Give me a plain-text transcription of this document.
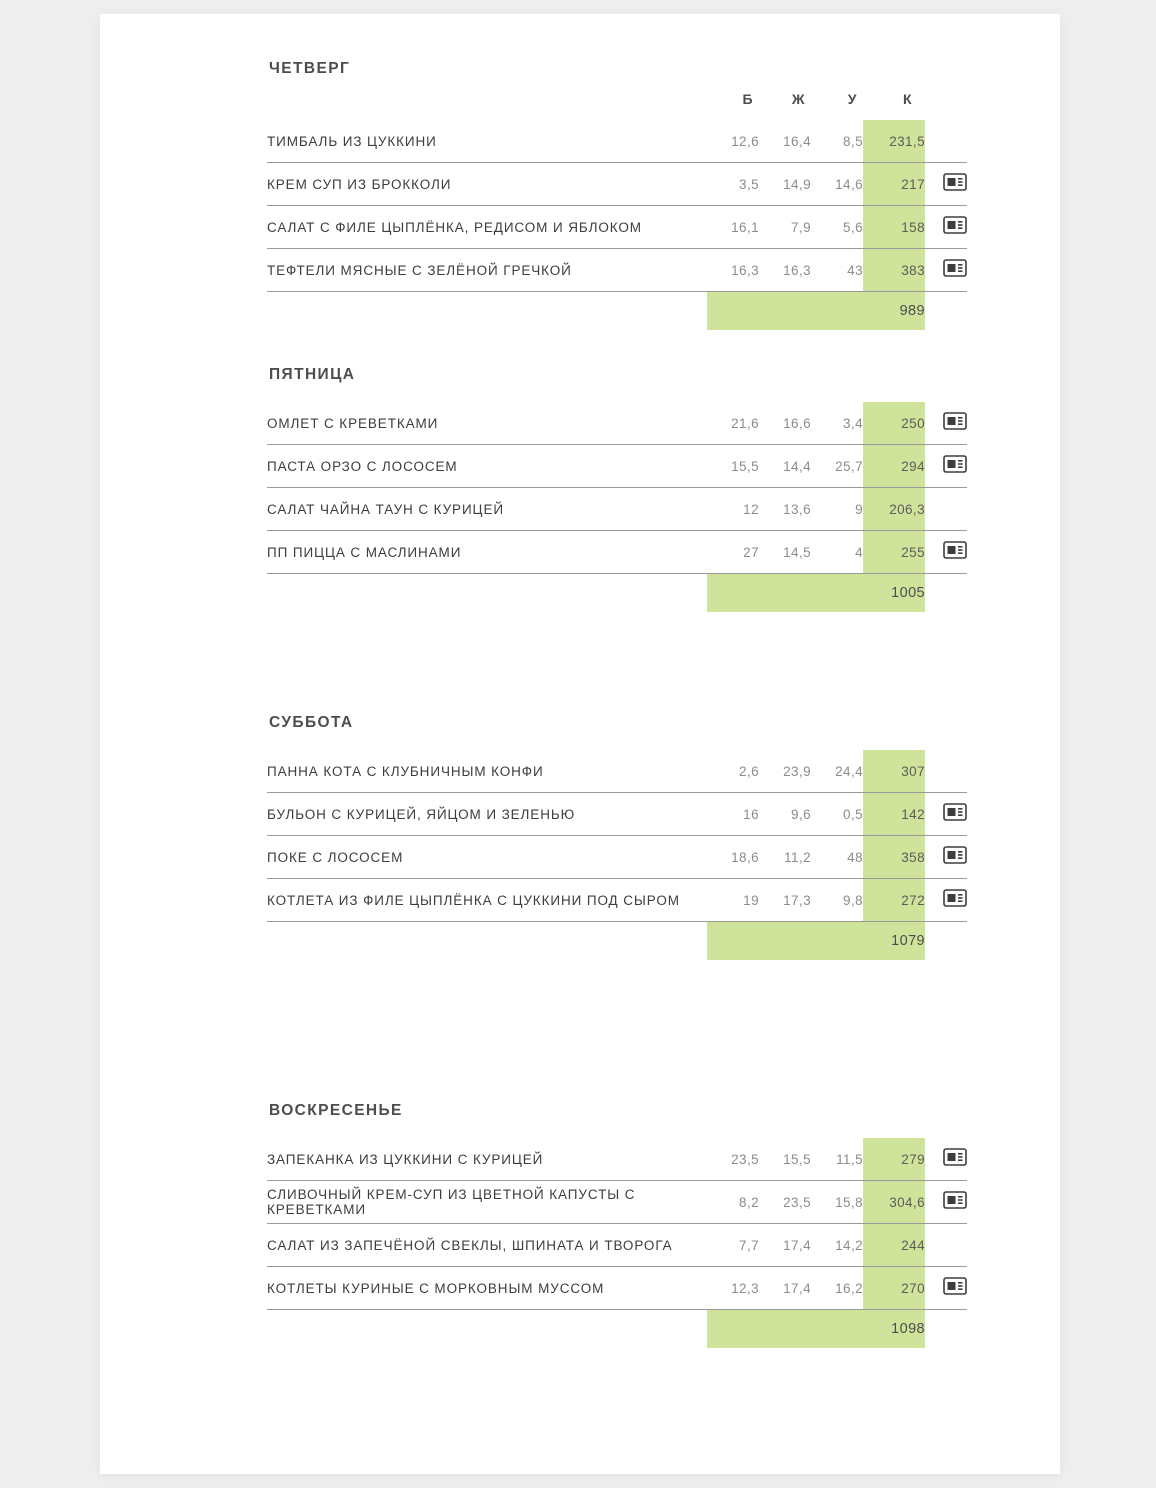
ЧЕТВЕРГ
	Б	Ж	У	К	
ТИМБАЛЬ ИЗ ЦУККИНИ	12,6	16,4	8,5	231,5	
КРЕМ СУП ИЗ БРОККОЛИ	3,5	14,9	14,6	217	
САЛАТ С ФИЛЕ ЦЫПЛЁНКА, РЕДИСОМ И ЯБЛОКОМ	16,1	7,9	5,6	158	
ТЕФТЕЛИ МЯСНЫЕ С ЗЕЛЁНОЙ ГРЕЧКОЙ	16,3	16,3	43	383	
				989	
ПЯТНИЦА

ОМЛЕТ С КРЕВЕТКАМИ	21,6	16,6	3,4	250	
ПАСТА ОРЗО С ЛОСОСЕМ	15,5	14,4	25,7	294	
САЛАТ ЧАЙНА ТАУН С КУРИЦЕЙ	12	13,6	9	206,3	
ПП ПИЦЦА С МАСЛИНАМИ	27	14,5	4	255	
				1005	
СУББОТА

ПАННА КОТА С КЛУБНИЧНЫМ КОНФИ	2,6	23,9	24,4	307	
БУЛЬОН С КУРИЦЕЙ, ЯЙЦОМ И ЗЕЛЕНЬЮ	16	9,6	0,5	142	
ПОКЕ С ЛОСОСЕМ	18,6	11,2	48	358	
КОТЛЕТА ИЗ ФИЛЕ ЦЫПЛЁНКА С ЦУККИНИ ПОД СЫРОМ	19	17,3	9,8	272	
				1079	
ВОСКРЕСЕНЬЕ

ЗАПЕКАНКА ИЗ ЦУККИНИ С КУРИЦЕЙ	23,5	15,5	11,5	279	
СЛИВОЧНЫЙ КРЕМ-СУП ИЗ ЦВЕТНОЙ КАПУСТЫ С КРЕВЕТКАМИ	8,2	23,5	15,8	304,6	
САЛАТ ИЗ ЗАПЕЧЁНОЙ СВЕКЛЫ, ШПИНАТА И ТВОРОГА	7,7	17,4	14,2	244	
КОТЛЕТЫ КУРИНЫЕ С МОРКОВНЫМ МУССОМ	12,3	17,4	16,2	270	
				1098	
